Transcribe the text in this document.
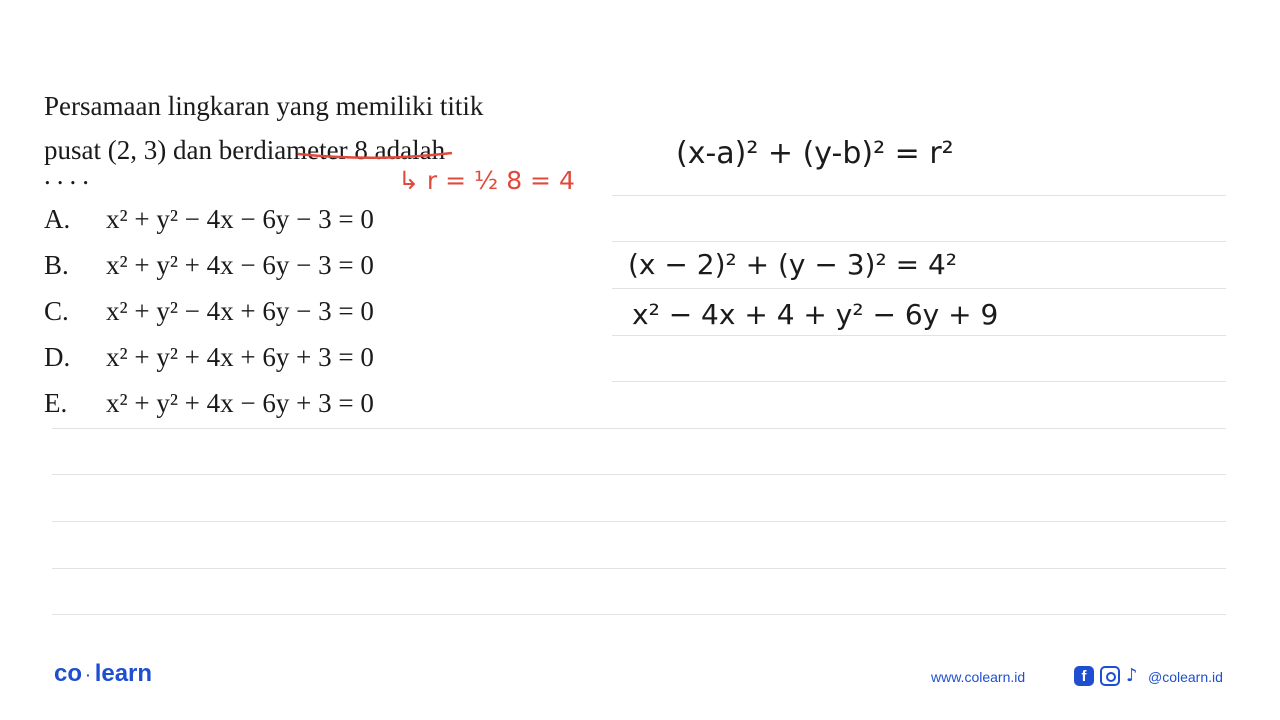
Persamaan lingkaran yang memiliki titik
pusat (2, 3) dan berdiameter 8 adalah
....
A. x² + y² − 4x − 6y − 3 = 0
B. x² + y² + 4x − 6y − 3 = 0
C. x² + y² − 4x + 6y − 3 = 0
D. x² + y² + 4x + 6y + 3 = 0
E. x² + y² + 4x − 6y + 3 = 0
↳ r = ½ 8 = 4
(x-a)² + (y-b)² = r²
(x − 2)² + (y − 3)² = 4²
x² − 4x + 4 + y² − 6y + 9
co · learn	www.colearn.id	f	♪ @colearn.id
